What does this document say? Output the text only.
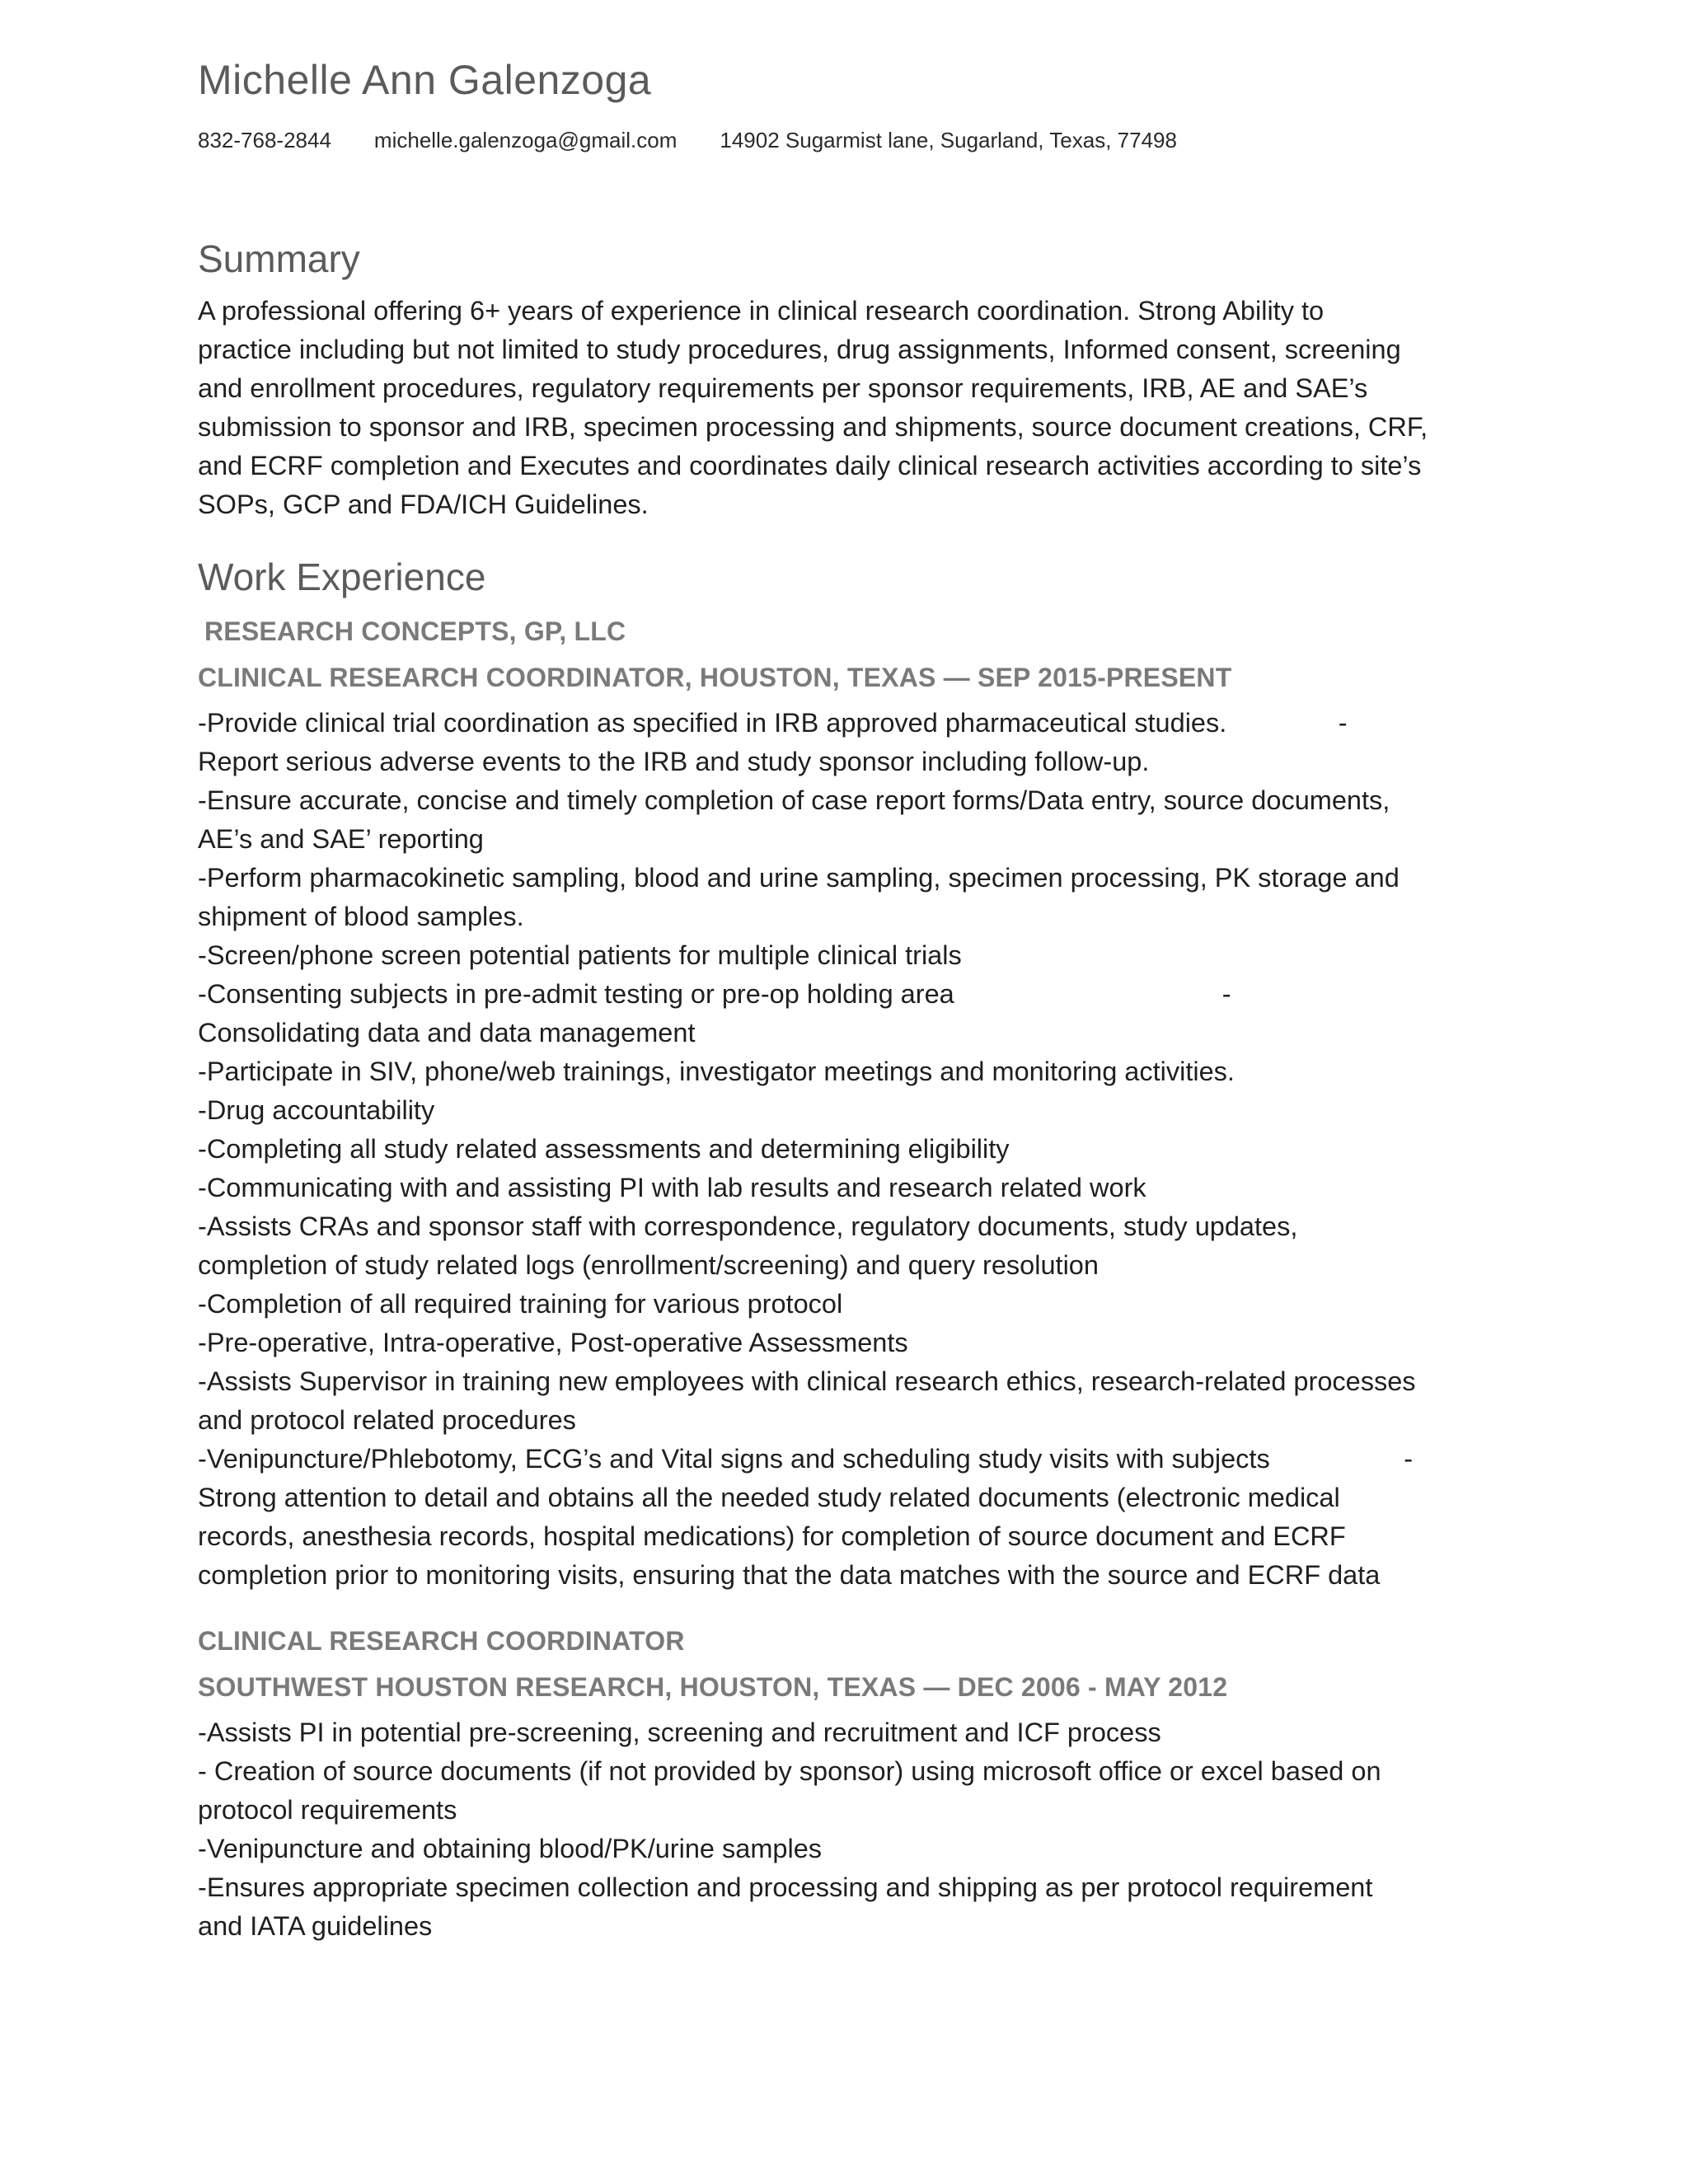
Michelle Ann Galenzoga
832-768-2844 michelle.galenzoga@gmail.com 14902 Sugarmist lane, Sugarland, Texas, 77498
Summary
A professional offering 6+ years of experience in clinical research coordination. Strong Ability to
practice including but not limited to study procedures, drug assignments, Informed consent, screening
and enrollment procedures, regulatory requirements per sponsor requirements, IRB, AE and SAE’s
submission to sponsor and IRB, specimen processing and shipments, source document creations, CRF,
and ECRF completion and Executes and coordinates daily clinical research activities according to site’s
SOPs, GCP and FDA/ICH Guidelines.
Work Experience
RESEARCH CONCEPTS, GP, LLC
CLINICAL RESEARCH COORDINATOR, HOUSTON, TEXAS — SEP 2015-PRESENT
-Provide clinical trial coordination as specified in IRB approved pharmaceutical studies.               -
Report serious adverse events to the IRB and study sponsor including follow-up.
-Ensure accurate, concise and timely completion of case report forms/Data entry, source documents,
AE’s and SAE’ reporting
-Perform pharmacokinetic sampling, blood and urine sampling, specimen processing, PK storage and
shipment of blood samples.
-Screen/phone screen potential patients for multiple clinical trials
-Consenting subjects in pre-admit testing or pre-op holding area                                    -
Consolidating data and data management
-Participate in SIV, phone/web trainings, investigator meetings and monitoring activities.
-Drug accountability
-Completing all study related assessments and determining eligibility
-Communicating with and assisting PI with lab results and research related work
-Assists CRAs and sponsor staff with correspondence, regulatory documents, study updates,
completion of study related logs (enrollment/screening) and query resolution
-Completion of all required training for various protocol
-Pre-operative, Intra-operative, Post-operative Assessments
-Assists Supervisor in training new employees with clinical research ethics, research-related processes
and protocol related procedures
-Venipuncture/Phlebotomy, ECG’s and Vital signs and scheduling study visits with subjects                  -
Strong attention to detail and obtains all the needed study related documents (electronic medical
records, anesthesia records, hospital medications) for completion of source document and ECRF
completion prior to monitoring visits, ensuring that the data matches with the source and ECRF data
CLINICAL RESEARCH COORDINATOR
SOUTHWEST HOUSTON RESEARCH, HOUSTON, TEXAS — DEC 2006 - MAY 2012
-Assists PI in potential pre-screening, screening and recruitment and ICF process
- Creation of source documents (if not provided by sponsor) using microsoft office or excel based on
protocol requirements
-Venipuncture and obtaining blood/PK/urine samples
-Ensures appropriate specimen collection and processing and shipping as per protocol requirement
and IATA guidelines
